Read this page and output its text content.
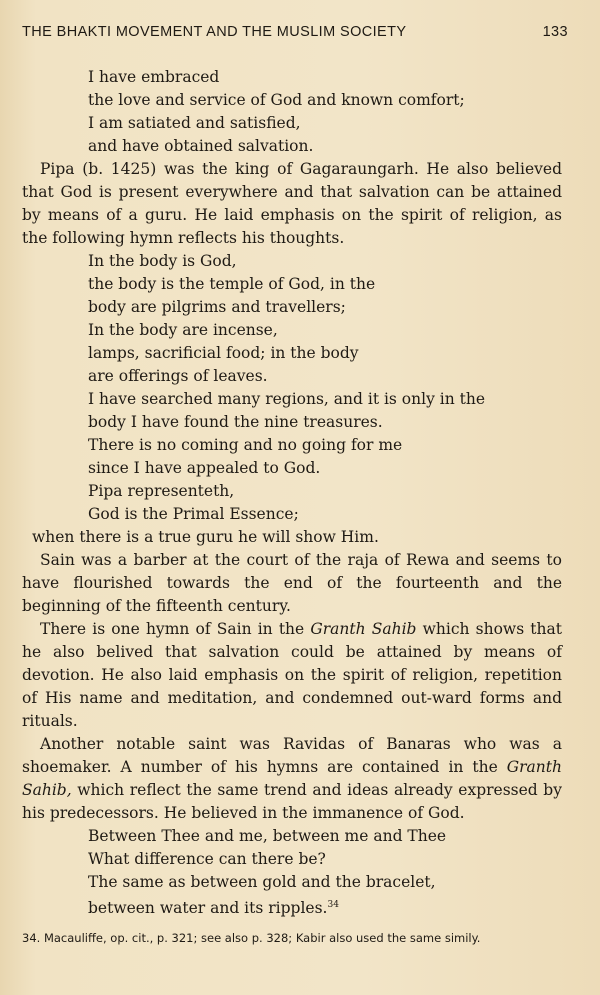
THE BHAKTI MOVEMENT AND THE MUSLIM SOCIETY	133

I have embraced

the love and service of God and known comfort;

I am satiated and satisfied,

and have obtained salvation.

Pipa (b. 1425) was the king of Gagaraungarh. He also believed that God is present everywhere and that salvation can be attained by means of a guru. He laid emphasis on the spirit of religion, as the following hymn reflects his thoughts.

In the body is God,

the body is the temple of God, in the

body are pilgrims and travellers;

In the body are incense,

lamps, sacrificial food; in the body

are offerings of leaves.

I have searched many regions, and it is only in the

body I have found the nine treasures.

There is no coming and no going for me

since I have appealed to God.

Pipa representeth,

God is the Primal Essence;

when there is a true guru he will show Him.

Sain was a barber at the court of the raja of Rewa and seems to have flourished towards the end of the fourteenth and the beginning of the fifteenth century.

There is one hymn of Sain in the Granth Sahib which shows that he also belived that salvation could be attained by means of devotion. He also laid emphasis on the spirit of religion, repetition of His name and meditation, and condemned out-ward forms and rituals.

Another notable saint was Ravidas of Banaras who was a shoemaker. A number of his hymns are contained in the Granth Sahib, which reflect the same trend and ideas already expressed by his predecessors. He believed in the immanence of God.

Between Thee and me, between me and Thee

What difference can there be?

The same as between gold and the bracelet,

between water and its ripples.$^{34}$

34. Macauliffe, op. cit., p. 321; see also p. 328; Kabir also used the same simily.
